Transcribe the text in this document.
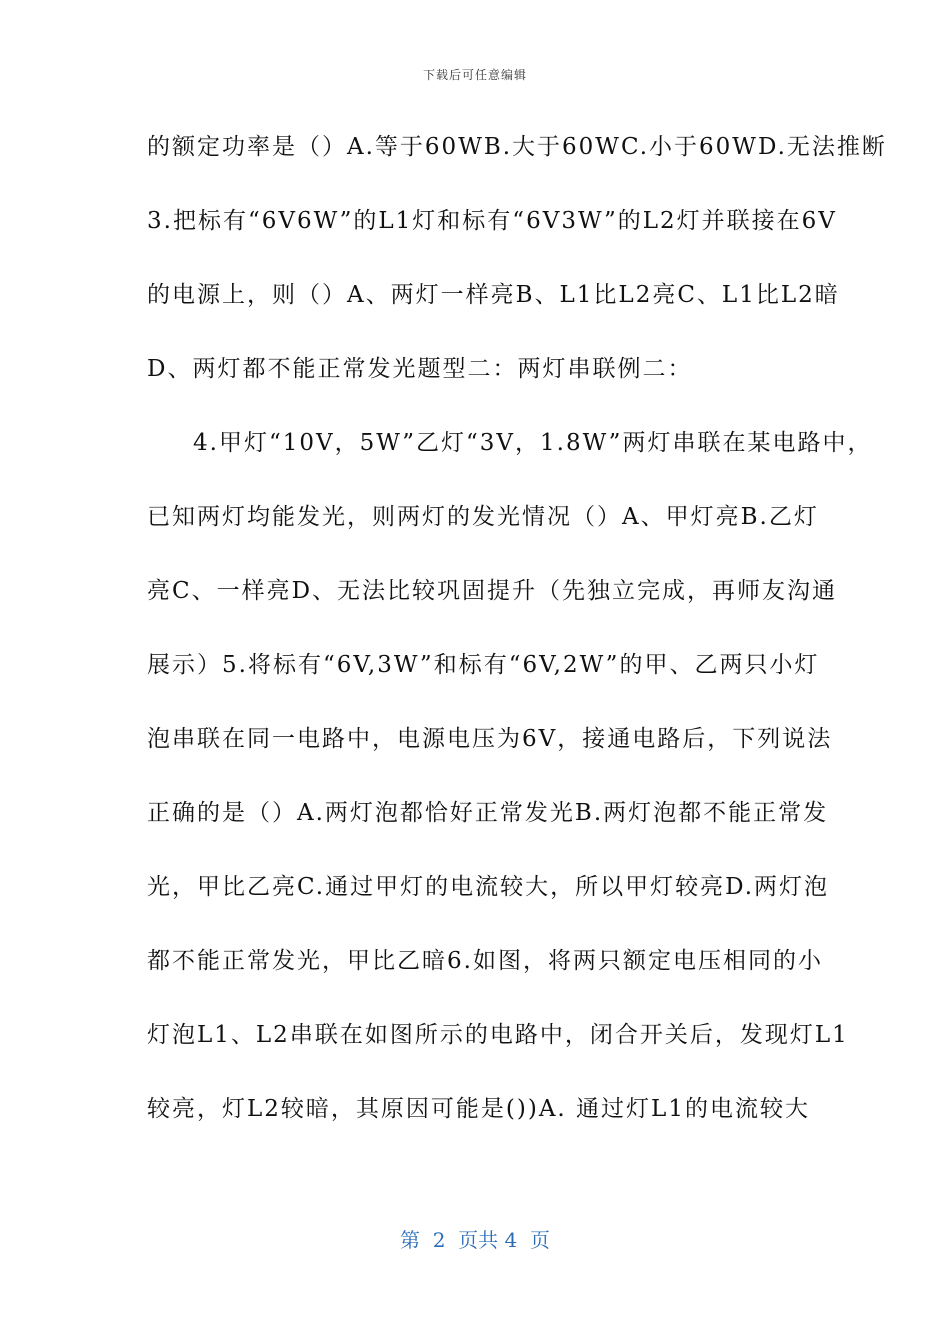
下载后可任意编辑
的额定功率是（）A.等于60WB.大于60WC.小于60WD.无法推断
3.把标有“6V6W”的L1灯和标有“6V3W”的L2灯并联接在6V
的电源上，则（）A、两灯一样亮B、L1比L2亮C、L1比L2暗
D、两灯都不能正常发光题型二：两灯串联例二：
4.甲灯“10V，5W”乙灯“3V，1.8W”两灯串联在某电路中，
已知两灯均能发光，则两灯的发光情况（）A、甲灯亮B.乙灯
亮C、一样亮D、无法比较巩固提升（先独立完成，再师友沟通
展示）5.将标有“6V,3W”和标有“6V,2W”的甲、乙两只小灯
泡串联在同一电路中，电源电压为6V，接通电路后，下列说法
正确的是（）A.两灯泡都恰好正常发光B.两灯泡都不能正常发
光，甲比乙亮C.通过甲灯的电流较大，所以甲灯较亮D.两灯泡
都不能正常发光，甲比乙暗6.如图，将两只额定电压相同的小
灯泡L1、L2串联在如图所示的电路中，闭合开关后，发现灯L1
较亮，灯L2较暗，其原因可能是())A. 通过灯L1的电流较大
第  2  页共 4  页
